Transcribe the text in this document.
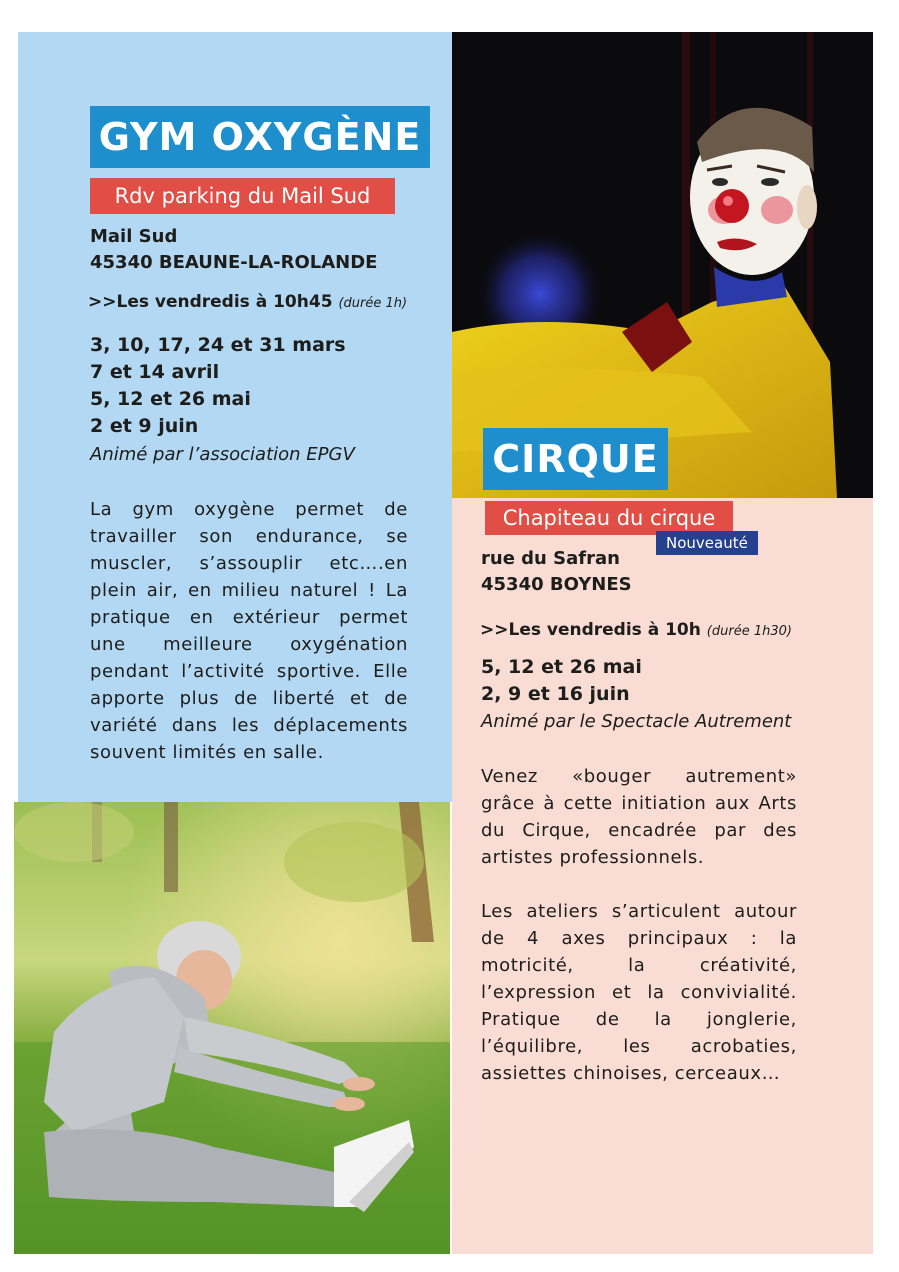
GYM OXYGÈNE
Rdv parking du Mail Sud
Mail Sud
45340 BEAUNE-LA-ROLANDE
>>Les vendredis à 10h45 (durée 1h)
3, 10, 17, 24 et 31 mars
7 et 14 avril
5, 12 et 26 mai
2 et 9 juin
Animé par l’association EPGV

La gym oxygène permet de travailler son endurance, se muscler, s’assouplir etc….en plein air, en milieu naturel ! La pratique en extérieur permet une meilleure oxygénation pendant l’activité sportive. Elle apporte plus de liberté et de variété dans les déplacements souvent limités en salle.

CIRQUE
Chapiteau du cirque
Nouveauté
rue du Safran
45340 BOYNES
>>Les vendredis à 10h (durée 1h30)
5, 12 et 26 mai
2, 9 et 16 juin
Animé par le Spectacle Autrement

Venez «bouger autrement» grâce à cette initiation aux Arts du Cirque, encadrée par des artistes professionnels.

Les ateliers s’articulent autour de 4 axes principaux : la motricité, la créativité, l’expression et la convivialité. Pratique de la jonglerie, l’équilibre, les acrobaties, assiettes chinoises, cerceaux…
